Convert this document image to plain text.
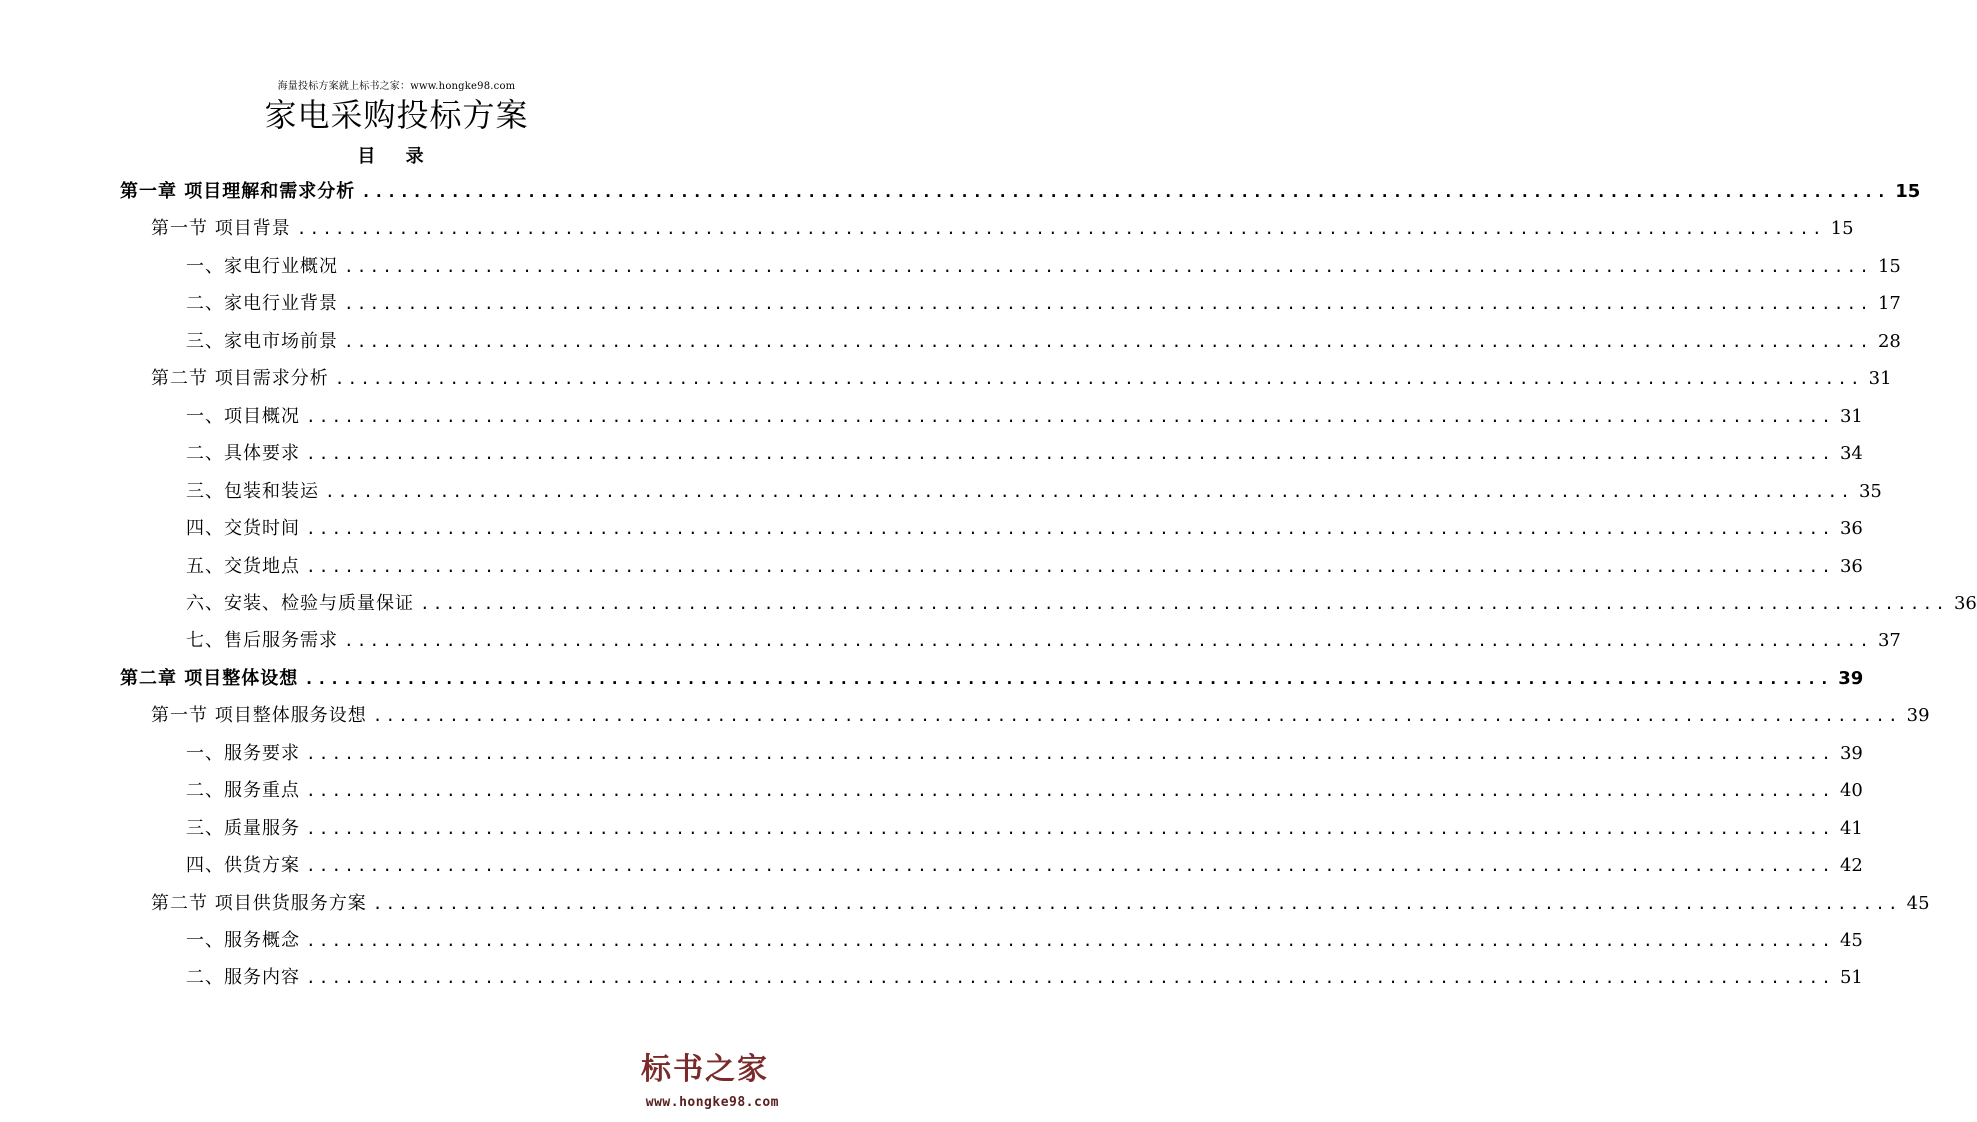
海量投标方案就上标书之家：www.hongke98.com
家电采购投标方案
目 录
第一章 项目理解和需求分析 ........................................................................................................................ 15
第一节 项目背景 ........................................................................................................................ 15
一、家电行业概况 ........................................................................................................................ 15
二、家电行业背景 ........................................................................................................................ 17
三、家电市场前景 ........................................................................................................................ 28
第二节 项目需求分析 ........................................................................................................................ 31
一、项目概况 ........................................................................................................................ 31
二、具体要求 ........................................................................................................................ 34
三、包装和装运 ........................................................................................................................ 35
四、交货时间 ........................................................................................................................ 36
五、交货地点 ........................................................................................................................ 36
六、安装、检验与质量保证 ........................................................................................................................ 36
七、售后服务需求 ........................................................................................................................ 37
第二章 项目整体设想 ........................................................................................................................ 39
第一节 项目整体服务设想 ........................................................................................................................ 39
一、服务要求 ........................................................................................................................ 39
二、服务重点 ........................................................................................................................ 40
三、质量服务 ........................................................................................................................ 41
四、供货方案 ........................................................................................................................ 42
第二节 项目供货服务方案 ........................................................................................................................ 45
一、服务概念 ........................................................................................................................ 45
二、服务内容 ........................................................................................................................ 51
标书之家
www.hongke98.com
